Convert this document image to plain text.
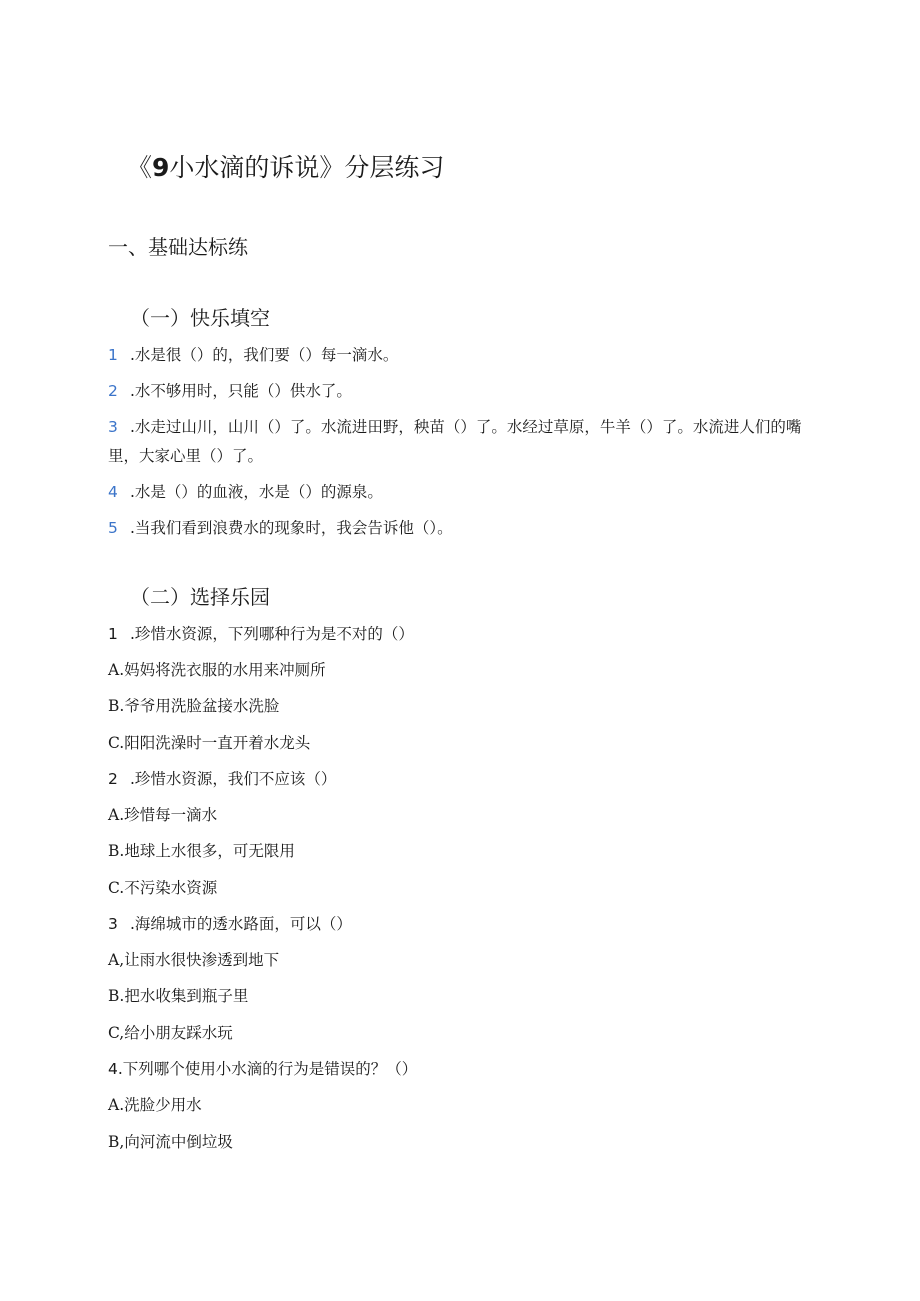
《9小水滴的诉说》分层练习
一、基础达标练
（一）快乐填空

1 .水是很（）的，我们要（）每一滴水。

2 .水不够用时，只能（）供水了。

3 .水走过山川，山川（）了。水流进田野，秧苗（）了。水经过草原，牛羊（）了。水流进人们的嘴里，大家心里（）了。

4 .水是（）的血液，水是（）的源泉。

5 .当我们看到浪费水的现象时，我会告诉他（）。

（二）选择乐园

1 .珍惜水资源，下列哪种行为是不对的（）

A.妈妈将洗衣服的水用来冲厕所

B.爷爷用洗脸盆接水洗脸

C.阳阳洗澡时一直开着水龙头

2 .珍惜水资源，我们不应该（）

A.珍惜每一滴水

B.地球上水很多，可无限用

C.不污染水资源

3 .海绵城市的透水路面，可以（）

A,让雨水很快渗透到地下

B.把水收集到瓶子里

C,给小朋友踩水玩

4.下列哪个使用小水滴的行为是错误的？（）

A.洗脸少用水

B,向河流中倒垃圾
